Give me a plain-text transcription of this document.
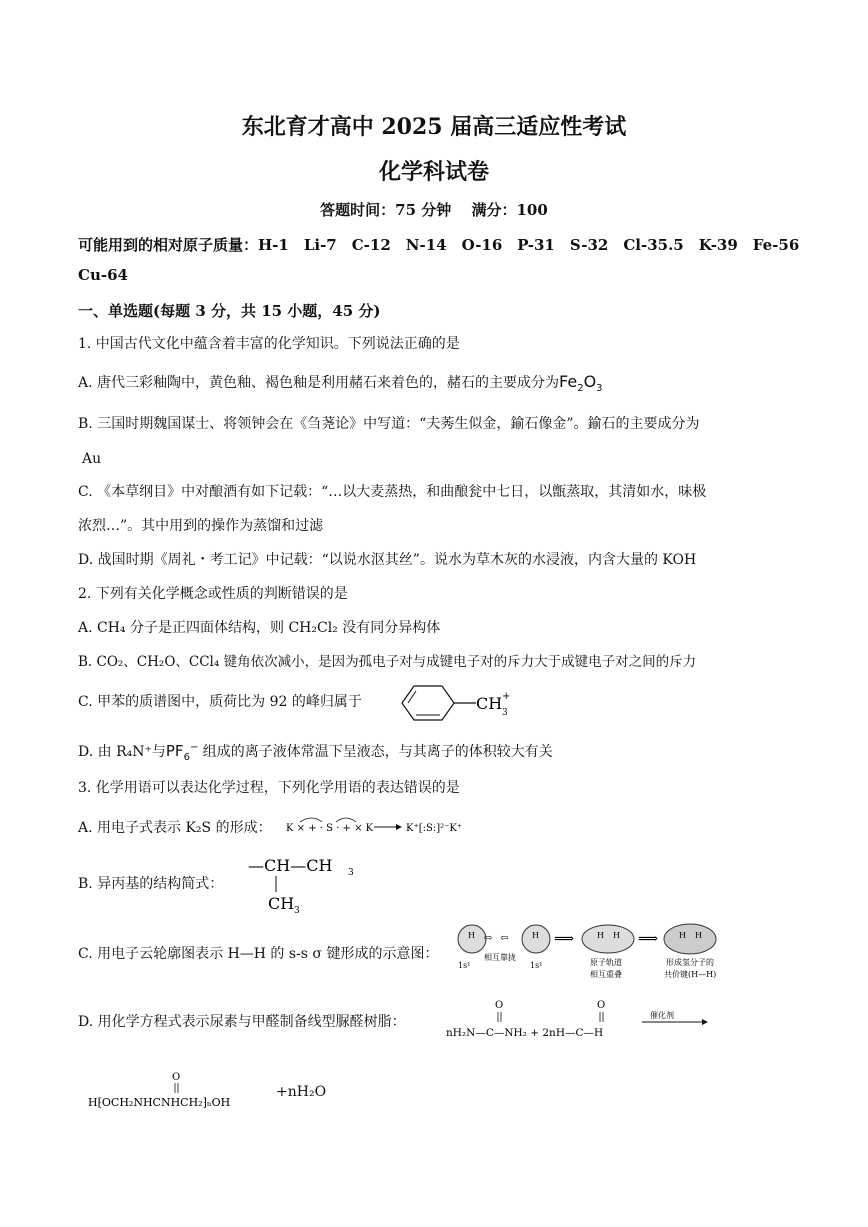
东北育才高中 2025 届高三适应性考试
化学科试卷
答题时间：75 分钟　 满分：100
可能用到的相对原子质量：H-1　Li-7　C-12　N-14　O-16　P-31　S-32　Cl-35.5　K-39　Fe-56
Cu-64
一、单选题(每题 3 分，共 15 小题，45 分)
1. 中国古代文化中蕴含着丰富的化学知识。下列说法正确的是
A. 唐代三彩釉陶中，黄色釉、褐色釉是利用赭石来着色的，赭石的主要成分为$Fe_2O_3$
B. 三国时期魏国谋士、将领钟会在《刍荛论》中写道：“夫莠生似金，鍮石像金”。鍮石的主要成分为
Au
C. 《本草纲目》中对酿酒有如下记载：“…以大麦蒸热，和曲酿瓮中七日，以甑蒸取，其清如水，味极
浓烈…”。其中用到的操作为蒸馏和过滤
D. 战国时期《周礼・考工记》中记载：“以说水沤其丝”。说水为草木灰的水浸液，内含大量的 KOH
2. 下列有关化学概念或性质的判断错误的是
A. CH₄ 分子是正四面体结构，则 CH₂Cl₂ 没有同分异构体
B. CO₂、CH₂O、CCl₄ 键角依次减小，是因为孤电子对与成键电子对的斥力大于成键电子对之间的斥力
C. 甲苯的质谱图中，质荷比为 92 的峰归属于	CH 3
+
D. 由 R₄N⁺与$PF_6^-$ 组成的离子液体常温下呈液态，与其离子的体积较大有关
3. 化学用语可以表达化学过程，下列化学用语的表达错误的是
A. 用电子式表示 K₂S 的形成： K × + · S · + × K	K⁺[:S:]²⁻K⁺
B. 异丙基的结构简式：
—CH—CH 3
CH 3
C. 用电子云轮廓图表示 H—H 的 s-s σ 键形成的示意图：
H ⇨ ⇦	H ⟹	H H ⟹	H H
1s¹
相互靠拢
1s¹	原子轨道
相互重叠
形成氢分子的
共价键(H—H)
D. 用化学方程式表示尿素与甲醛制备线型脲醛树脂：
O	O
nH₂N—C—NH₂ + 2nH—C—H
催化剂
O
H⁅OCH₂NHCNHCH₂⁆ₙOH
+nH₂O
